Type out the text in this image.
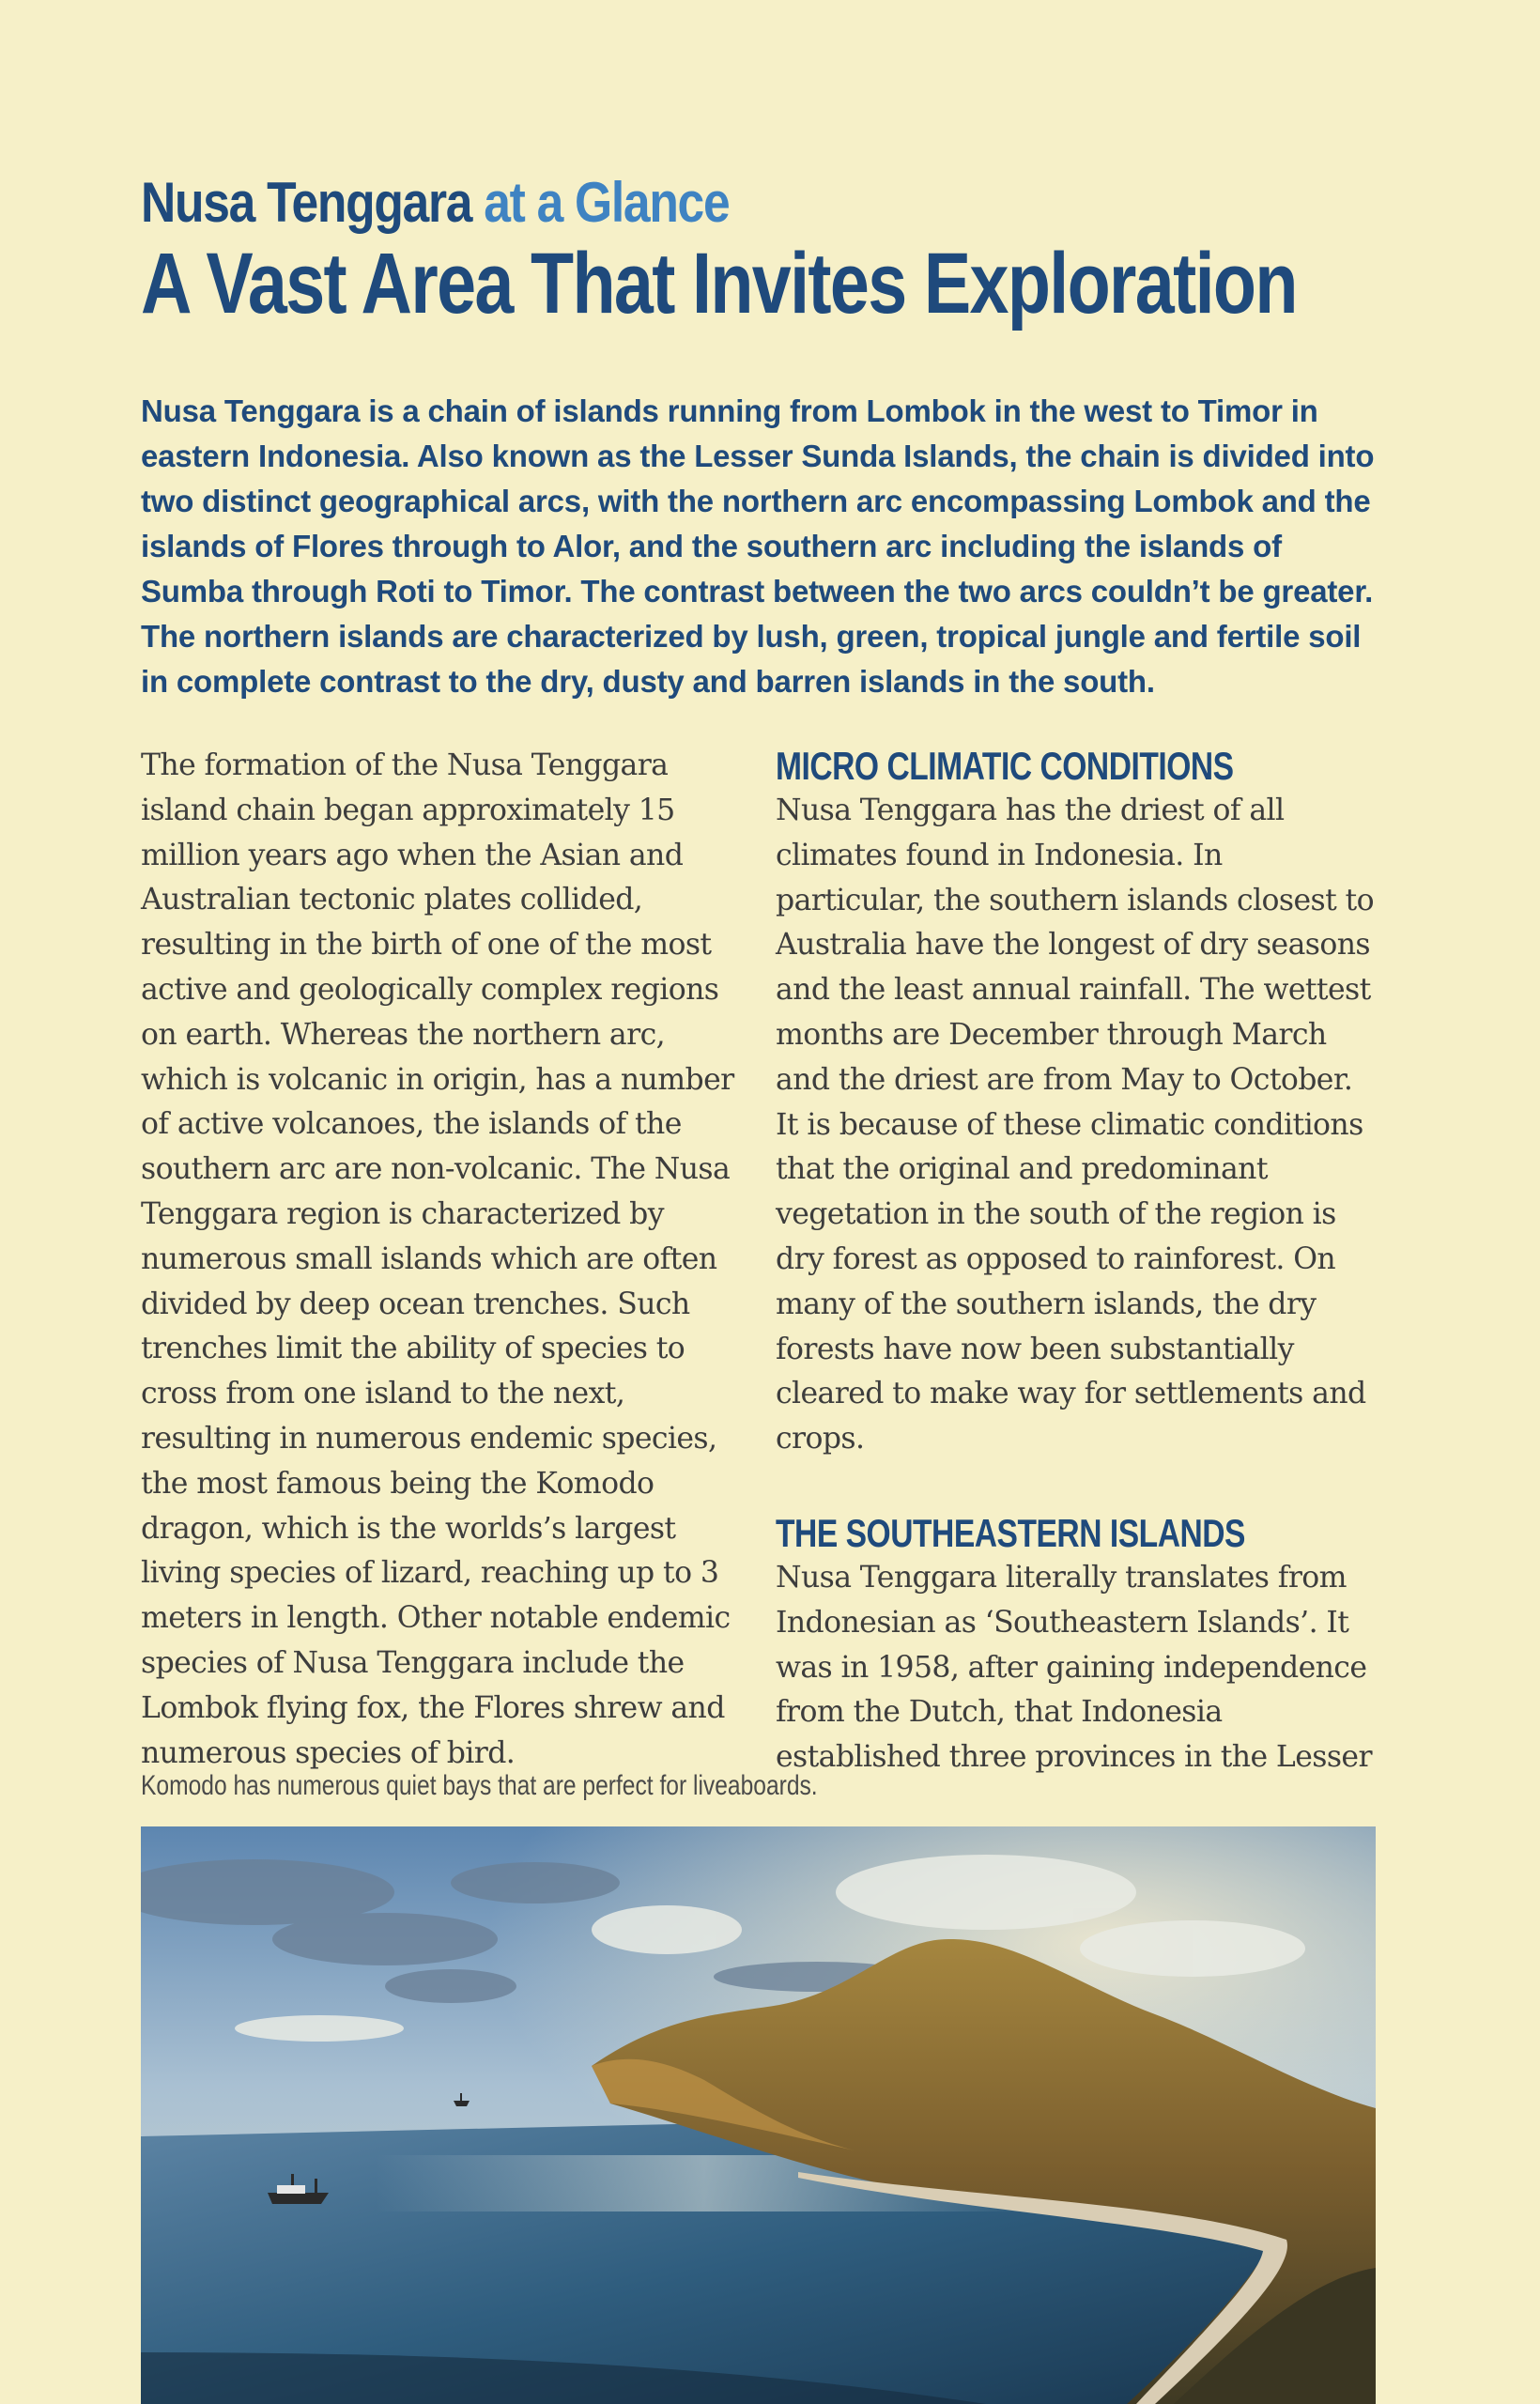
Nusa Tenggara at a Glance
A Vast Area That Invites Exploration

Nusa Tenggara is a chain of islands running from Lombok in the west to Timor in eastern Indonesia. Also known as the Lesser Sunda Islands, the chain is divided into two distinct geographical arcs, with the northern arc encompassing Lombok and the islands of Flores through to Alor, and the southern arc including the islands of Sumba through Roti to Timor. The contrast between the two arcs couldn’t be greater. The northern islands are characterized by lush, green, tropical jungle and fertile soil in complete contrast to the dry, dusty and barren islands in the south.

The formation of the Nusa Tenggara island chain began approximately 15 million years ago when the Asian and Australian tectonic plates collided, resulting in the birth of one of the most active and geologically complex regions on earth. Whereas the northern arc, which is volcanic in origin, has a number of active volcanoes, the islands of the southern arc are non-volcanic. The Nusa Tenggara region is characterized by numerous small islands which are often divided by deep ocean trenches. Such trenches limit the ability of species to cross from one island to the next, resulting in numerous endemic species, the most famous being the Komodo dragon, which is the worlds’s largest living species of lizard, reaching up to 3 meters in length. Other notable endemic species of Nusa Tenggara include the Lombok flying fox, the Flores shrew and numerous species of bird.

MICRO CLIMATIC CONDITIONS

Nusa Tenggara has the driest of all climates found in Indonesia. In particular, the southern islands closest to Australia have the longest of dry seasons and the least annual rainfall. The wettest months are December through March and the driest are from May to October. It is because of these climatic conditions that the original and predominant vegetation in the south of the region is dry forest as opposed to rainforest. On many of the southern islands, the dry forests have now been substantially cleared to make way for settlements and crops.

THE SOUTHEASTERN ISLANDS

Nusa Tenggara literally translates from Indonesian as ‘Southeastern Islands’. It was in 1958, after gaining independence from the Dutch, that Indonesia established three provinces in the Lesser

Komodo has numerous quiet bays that are perfect for liveaboards.
